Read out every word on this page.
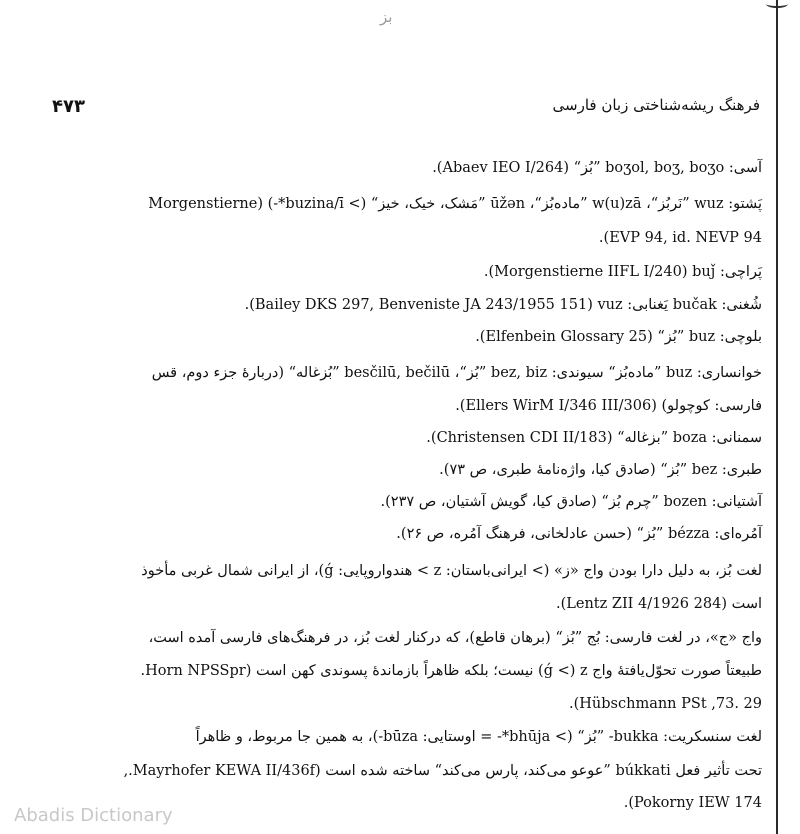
بز
۴۷۳	فرهنگ ریشه‌شناختی زبان فارسی
آسی: ‎boʒol, boʒ, boʒo‏ ”بُز“ (Abaev IEO I/264).
پَشتو: ‎wuz‏ ”نَربُز“، ‎w(u)zā‏ ”ماده‌بُز“، ‎ūžən‏ ”مَشک، خیک، خیز“ (> ‎*buzina/ī-‏) (Morgenstierne
EVP 94, id. NEVP 94).
پَراچی: ‎buǰ‏ (Morgenstierne IIFL I/240).
شُغنی: ‎bučak‏ یَغنابی: ‎vuz‏ (Bailey DKS 297, Benveniste JA 243/1955 151).
بلوچی: ‎buz‏ ”بُز“ (Elfenbein Glossary 25).
خوانساری: ‎buz‏ ”ماده‌بُز“ سیوندی: ‎bez, biz‏ ”بُز“، ‎besčilū, bečilū‏ ”بُزغاله“ (دربارهٔ جزء دوم، قس
فارسی: کوچولو) (Ellers WirM I/346 III/306).
سمنانی: ‎boza‏ ”بزغاله“ (Christensen CDI II/183).
طبری: ‎bez‏ ”بُز“ (صادق کیا، واژه‌نامهٔ طبری، ص ۷۳).
آشتیانی: ‎bozen‏ ”چرم بُز“ (صادق کیا، گویش آشتیان، ص ۲۳۷).
آمُره‌ای: ‎bézza‏ ”بُز“ (حسن عادلخانی، فرهنگ آمُره، ص ۲۶).
لغت بُز، به دلیل دارا بودن واج «ز» (> ایرانی‌باستان: ‎z‏ > هندواروپایی: ‎ǵ‏)، از ایرانی شمال غربی مأخوذ
است (Lentz ZII 4/1926 284).
واج «ج»، در لغت فارسی: بُج ”بُز“ (برهان قاطع)، که درکنار لغت بُز، در فرهنگ‌های فارسی آمده است،
طبیعتاً صورت تحوّل‌یافتهٔ واج ‎z‏ (> ‎ǵ‏) نیست؛ بلکه ظاهراً بازماندهٔ پسوندی کهن است (Horn NPSSpr.
29 .Hübschmann PSt ,73).
لغت سنسکریت: ‎bukka-‏ ”بُز“ (> ‎*bhūja-‏ = اوستایی: ‎būza-‏)، به همین جا مربوط، و ظاهراً
تحت تأثیر فعل ‎búkkati‏ ”عوعو می‌کند، پارس می‌کند“ ساخته شده است (Mayrhofer KEWA II/436f.,
Pokorny IEW 174).
Abadis Dictionary
